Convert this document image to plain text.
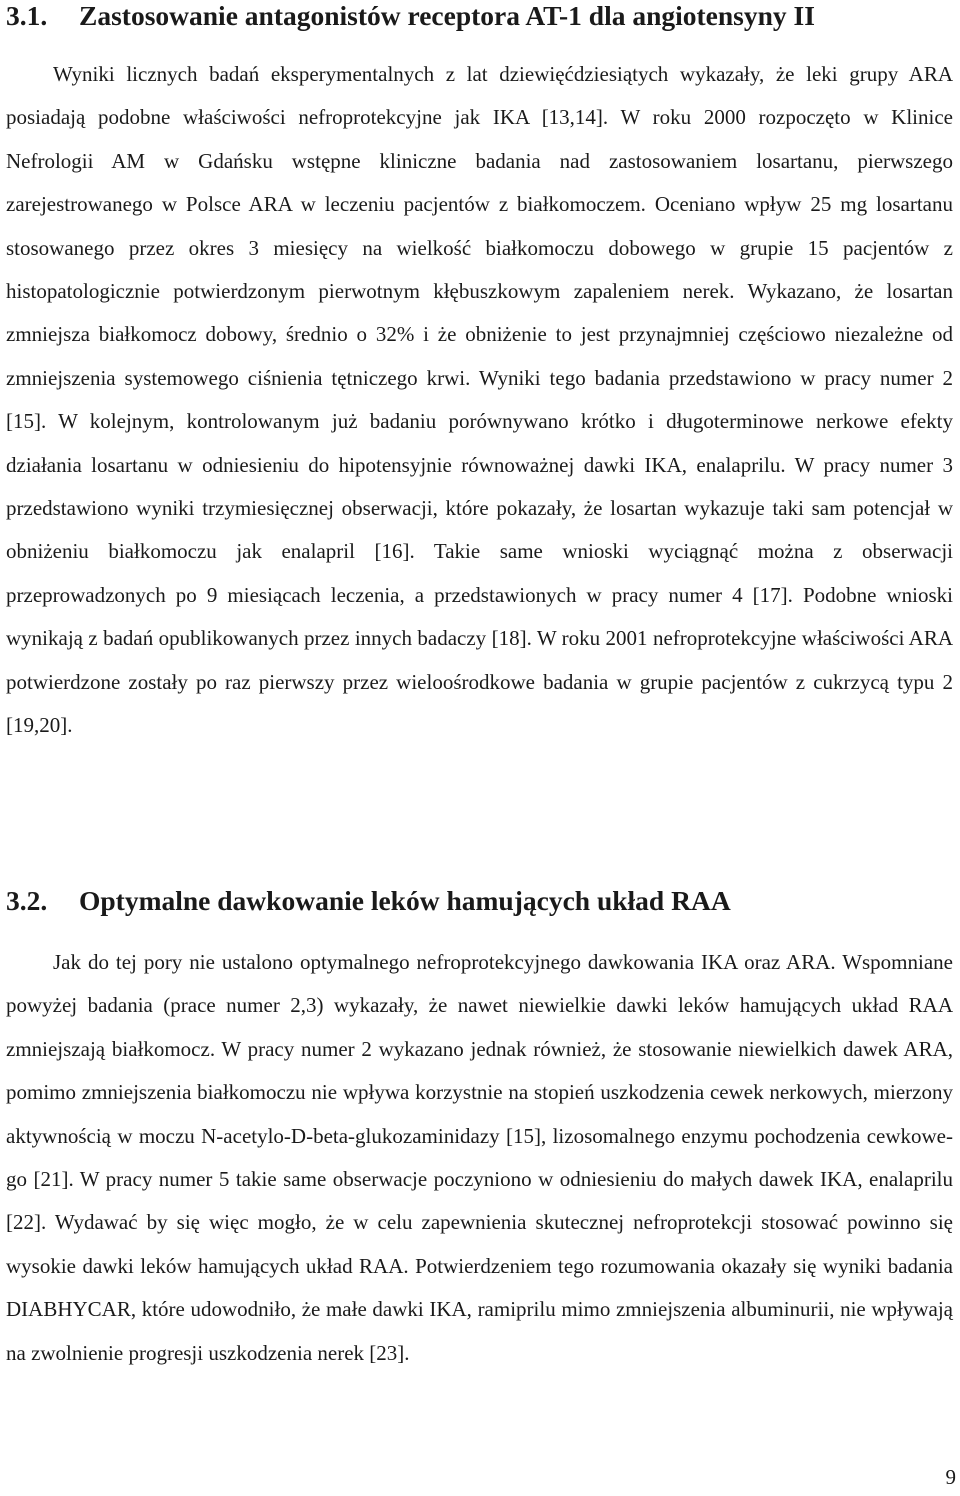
3.1. Zastosowanie antagonistów receptora AT-1 dla angiotensyny II

Wyniki licznych badań eksperymentalnych z lat dziewięćdziesiątych wykazały, że leki grupy ARA posiadają podobne właściwości nefroprotekcyjne jak IKA [13,14]. W roku 2000 rozpoczęto w Klinice Nefrologii AM w Gdańsku wstępne kliniczne badania nad zastosowaniem losartanu, pierwszego zarejestrowanego w Polsce ARA w leczeniu pacjentów z białkomoczem. Oceniano wpływ 25 mg losartanu stosowanego przez okres 3 miesięcy na wielkość białkomoczu dobowego w grupie 15 pacjentów z histopatologicznie potwierdzonym pierwotnym kłębuszkowym zapaleniem nerek. Wykazano, że losartan zmniejsza białkomocz dobowy, średnio o 32% i że obniżenie to jest przynajmniej częściowo niezależne od zmniejszenia systemowego ciśnienia tętniczego krwi. Wyniki tego badania przedstawiono w pracy numer 2 [15]. W kolejnym, kontrolowanym już badaniu porównywano krótko i długoterminowe nerkowe efekty działania losartanu w odniesieniu do hipotensyjnie równoważnej dawki IKA, enalaprilu. W pracy numer 3 przedstawiono wyniki trzymiesięcznej obserwacji, które pokazały, że losartan wykazuje taki sam potencjał w obniżeniu białkomoczu jak enalapril [16]. Takie same wnioski wyciągnąć można z obserwacji przeprowadzonych po 9 miesiącach leczenia, a przedstawionych w pracy numer 4 [17]. Podobne wnioski wynikają z badań opublikowanych przez innych badaczy [18]. W roku 2001 nefroprotekcyjne właściwości ARA potwierdzone zostały po raz pierwszy przez wieloośrodkowe badania w grupie pacjentów z cukrzycą typu 2 [19,20].

3.2. Optymalne dawkowanie leków hamujących układ RAA

Jak do tej pory nie ustalono optymalnego nefroprotekcyjnego dawkowania IKA oraz ARA. Wspomniane powyżej badania (prace numer 2,3) wykazały, że nawet niewielkie dawki leków hamujących układ RAA zmniejszają białkomocz. W pracy numer 2 wykazano jednak również, że stosowanie niewielkich dawek ARA, pomimo zmniejszenia białkomoczu nie wpływa korzystnie na stopień uszkodzenia cewek nerkowych, mierzony aktywnością w moczu N-acetylo-D-beta-glukozaminidazy [15], lizosomalnego enzymu pochodzenia cewkowego [21]. W pracy numer 5 takie same obserwacje poczyniono w odniesieniu do małych dawek IKA, enalaprilu [22]. Wydawać by się więc mogło, że w celu zapewnienia skutecznej nefroprotekcji stosować powinno się wysokie dawki leków hamujących układ RAA. Potwierdzeniem tego rozumowania okazały się wyniki badania DIABHYCAR, które udowodniło, że małe dawki IKA, ramiprilu mimo zmniejszenia albuminurii, nie wpływają na zwolnienie progresji uszkodzenia nerek [23].

9
